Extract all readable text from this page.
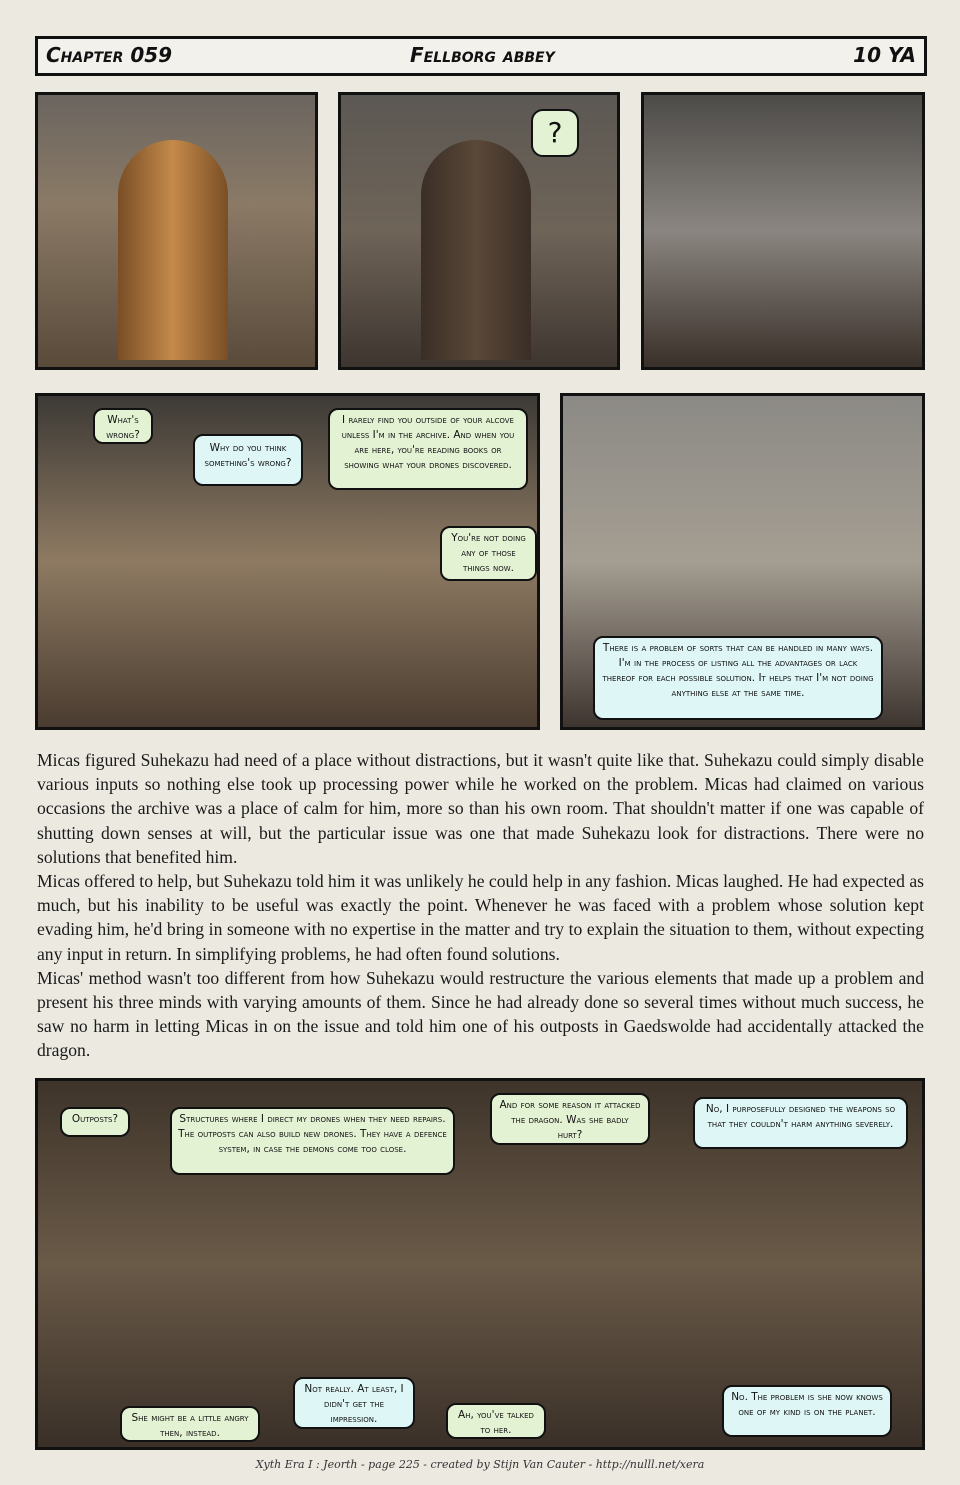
Chapter 059	Fellborg abbey	10 YA
?
What's wrong?
Why do you think something's wrong?
I rarely find you outside of your alcove unless I'm in the archive. And when you are here, you're reading books or showing what your drones discovered.
You're not doing any of those things now.
There is a problem of sorts that can be handled in many ways. I'm in the process of listing all the advantages or lack thereof for each possible solution. It helps that I'm not doing anything else at the same time.

Micas figured Suhekazu had need of a place without distractions, but it wasn't quite like that. Suhekazu could simply disable various inputs so nothing else took up processing power while he worked on the problem. Micas had claimed on various occasions the archive was a place of calm for him, more so than his own room. That shouldn't matter if one was capable of shutting down senses at will, but the particular issue was one that made Suhekazu look for distractions. There were no solutions that benefited him.

Micas offered to help, but Suhekazu told him it was unlikely he could help in any fashion. Micas laughed. He had expected as much, but his inability to be useful was exactly the point. Whenever he was faced with a problem whose solution kept evading him, he'd bring in someone with no expertise in the matter and try to explain the situation to them, without expecting any input in return. In simplifying problems, he had often found solutions.

Micas' method wasn't too different from how Suhekazu would restructure the various elements that made up a problem and present his three minds with varying amounts of them. Since he had already done so several times without much success, he saw no harm in letting Micas in on the issue and told him one of his outposts in Gaedswolde had accidentally attacked the dragon.

Outposts?	Structures where I direct my drones when they need repairs. The outposts can also build new drones. They have a defence system, in case the demons come too close.
And for some reason it attacked the dragon. Was she badly hurt?
No, I purposefully designed the weapons so that they couldn't harm anything severely.
She might be a little angry then, instead.
Not really. At least, I didn't get the impression.	Ah, you've talked to her.
No. The problem is she now knows one of my kind is on the planet.
Xyth Era I : Jeorth - page 225 - created by Stijn Van Cauter - http://nulll.net/xera
